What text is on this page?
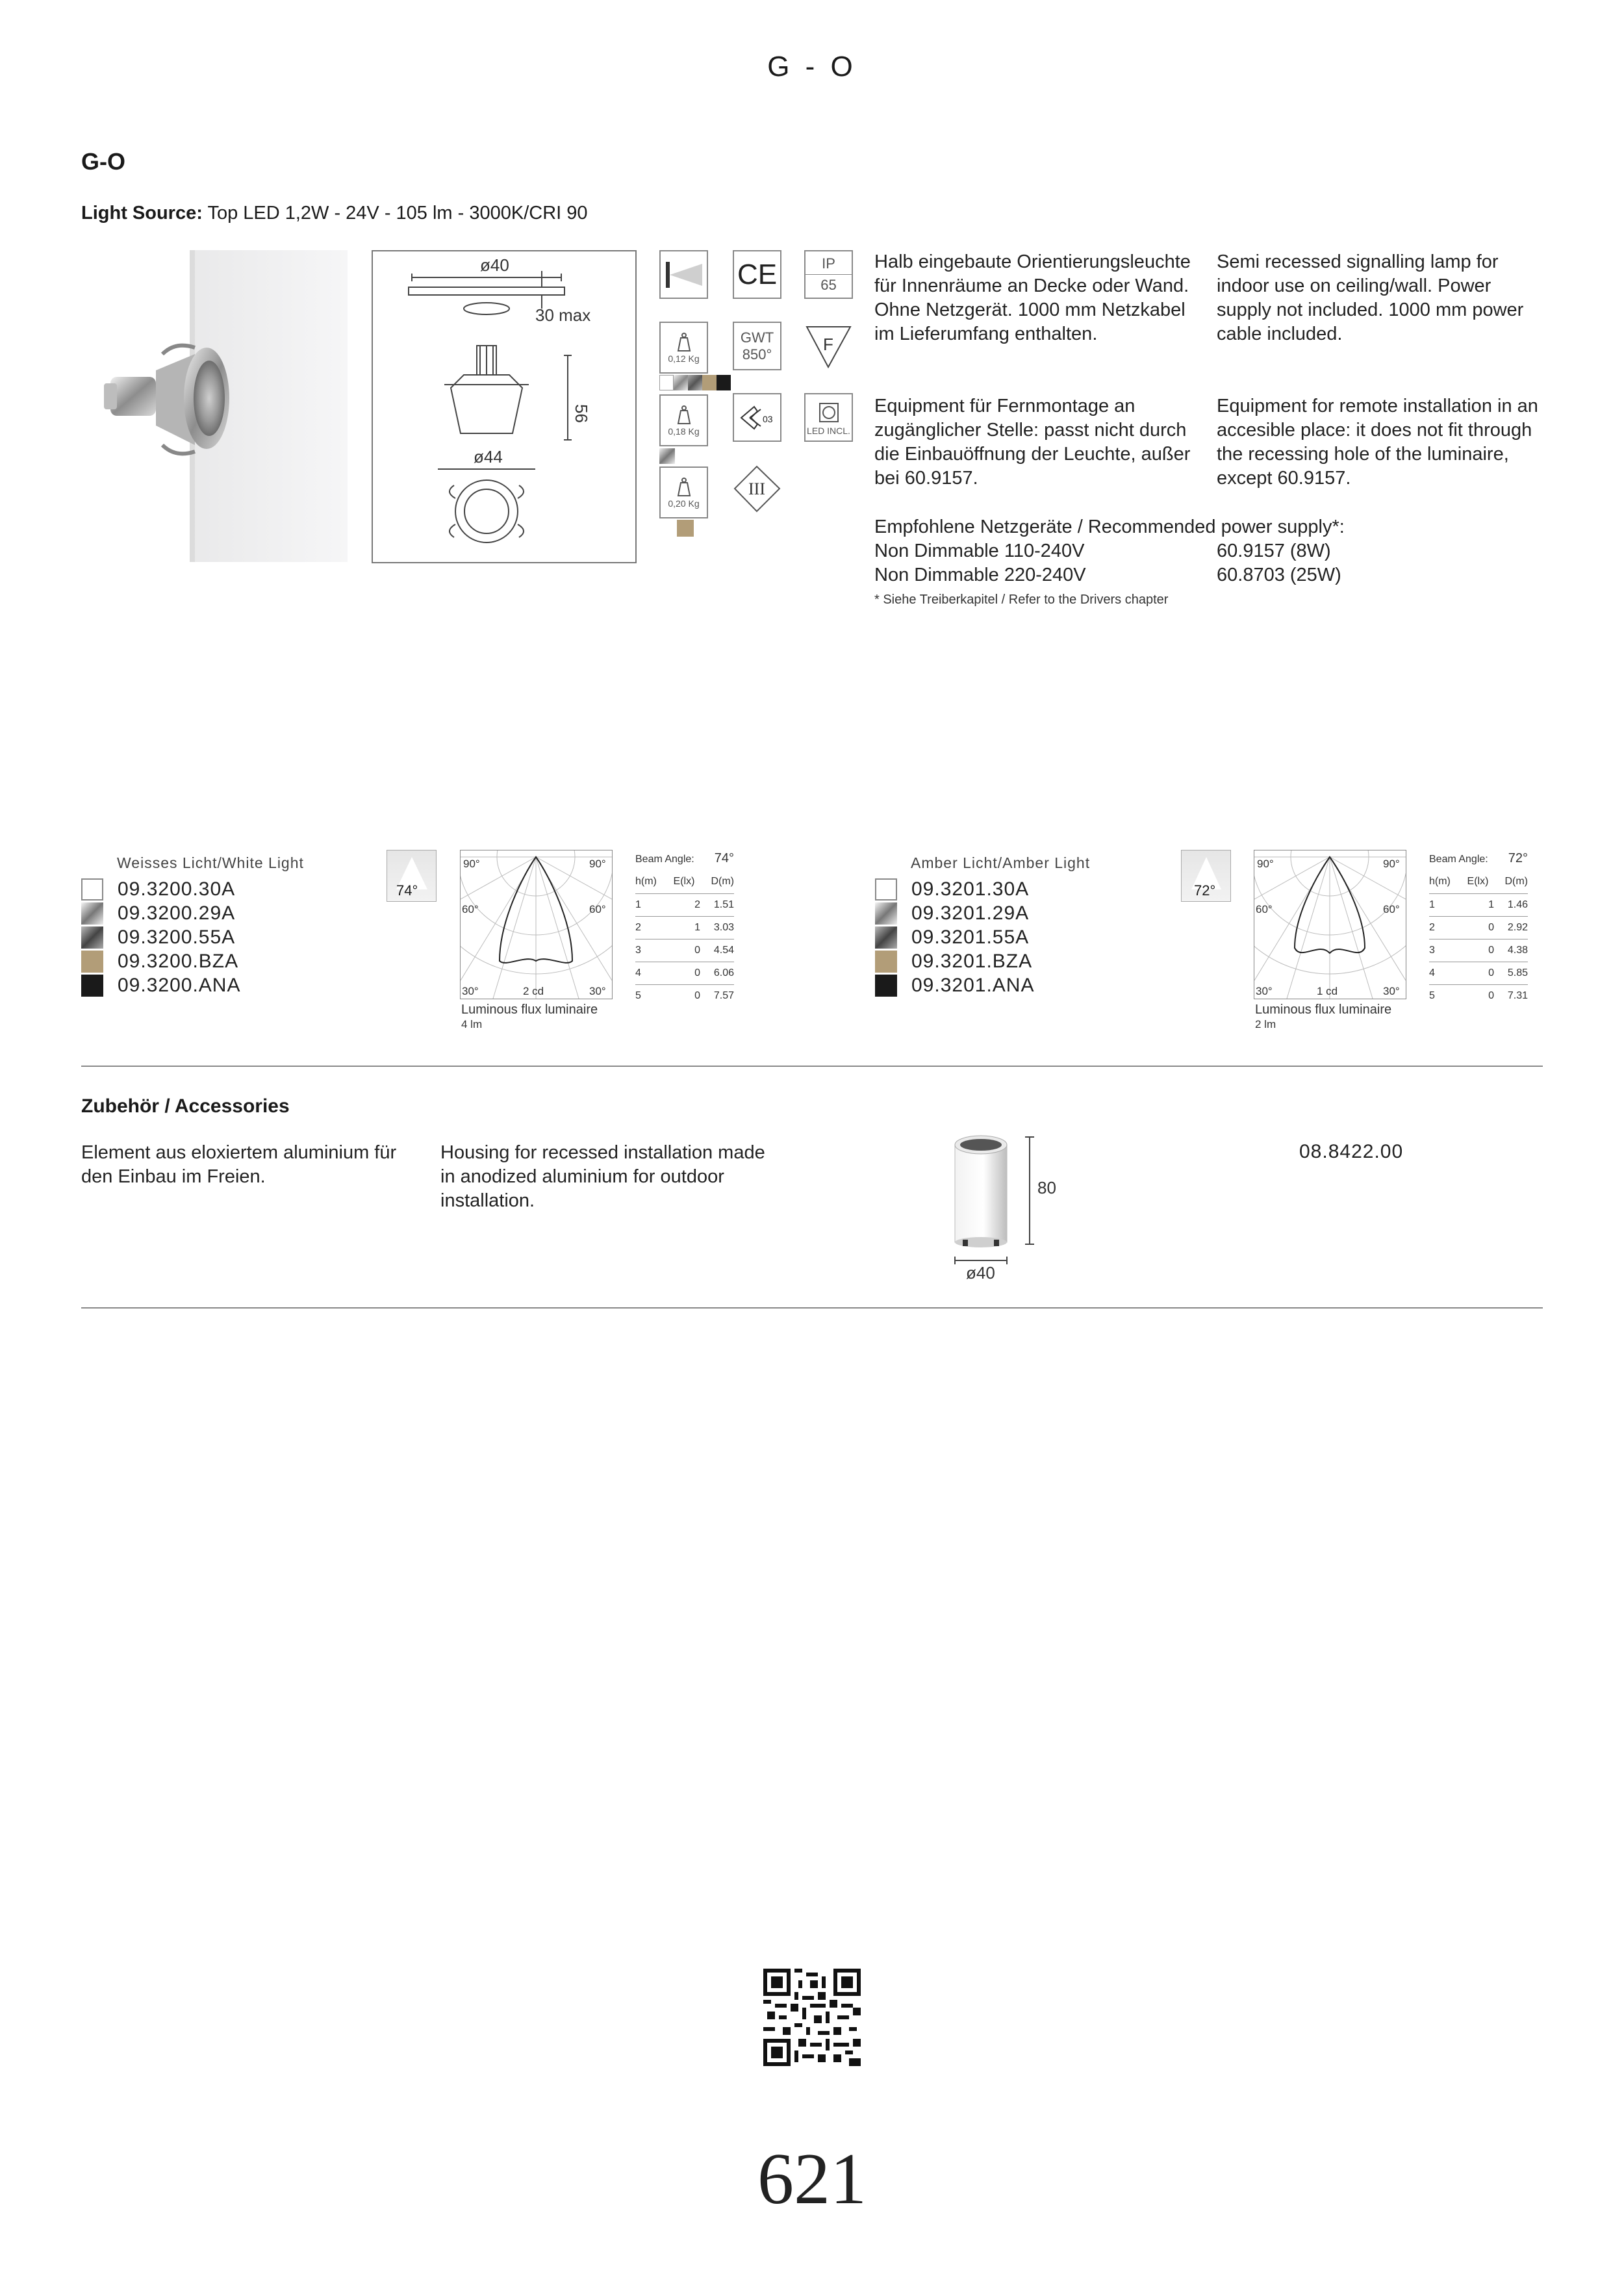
G - O
G-O
Light Source: Top LED 1,2W - 24V - 105 lm - 3000K/CRI 90
ø40
30 max
56
ø44
0,12 Kg
0,18 Kg
0,20 Kg
CE
GWT
850°
03
III
IP
65
F
LED INCL.
Halb eingebaute Orientierungsleuchte für Innenräume an Decke oder Wand. Ohne Netzgerät. 1000 mm Netzkabel im Lieferumfang enthalten.
Semi recessed signalling lamp for indoor use on ceiling/wall. Power supply not included. 1000 mm power cable included.
Equipment für Fernmontage an zugänglicher Stelle: passt nicht durch die Einbauöffnung der Leuchte, außer bei 60.9157.
Equipment for remote installation in an accesible place: it does not fit through the recessing hole of the luminaire, except 60.9157.
Empfohlene Netzgeräte / Recommended power supply*:
Non Dimmable 110-240V	60.9157 (8W)
Non Dimmable 220-240V	60.8703 (25W)
* Siehe Treiberkapitel / Refer to the Drivers chapter
Weisses Licht/White Light
09.3200.30A
09.3200.29A
09.3200.55A
09.3200.BZA
09.3200.ANA
74°
90°	90°
60°	60°
30°	2 cd	30°
Luminous flux luminaire
4 lm
Beam Angle: 74°
h(m)	E(lx)	D(m)
1	2	1.51
2	1	3.03
3	0	4.54
4	0	6.06
5	0	7.57
Amber Licht/Amber Light
09.3201.30A
09.3201.29A
09.3201.55A
09.3201.BZA
09.3201.ANA
72°
90°	90°
60°	60°
30°	1 cd	30°
Luminous flux luminaire
2 lm
Beam Angle: 72°
h(m)	E(lx)	D(m)
1	1	1.46
2	0	2.92
3	0	4.38
4	0	5.85
5	0	7.31
Zubehör / Accessories
Element aus eloxiertem aluminium für den Einbau im Freien.
Housing for recessed installation made in anodized aluminium for outdoor installation.
80
ø40
08.8422.00
621
